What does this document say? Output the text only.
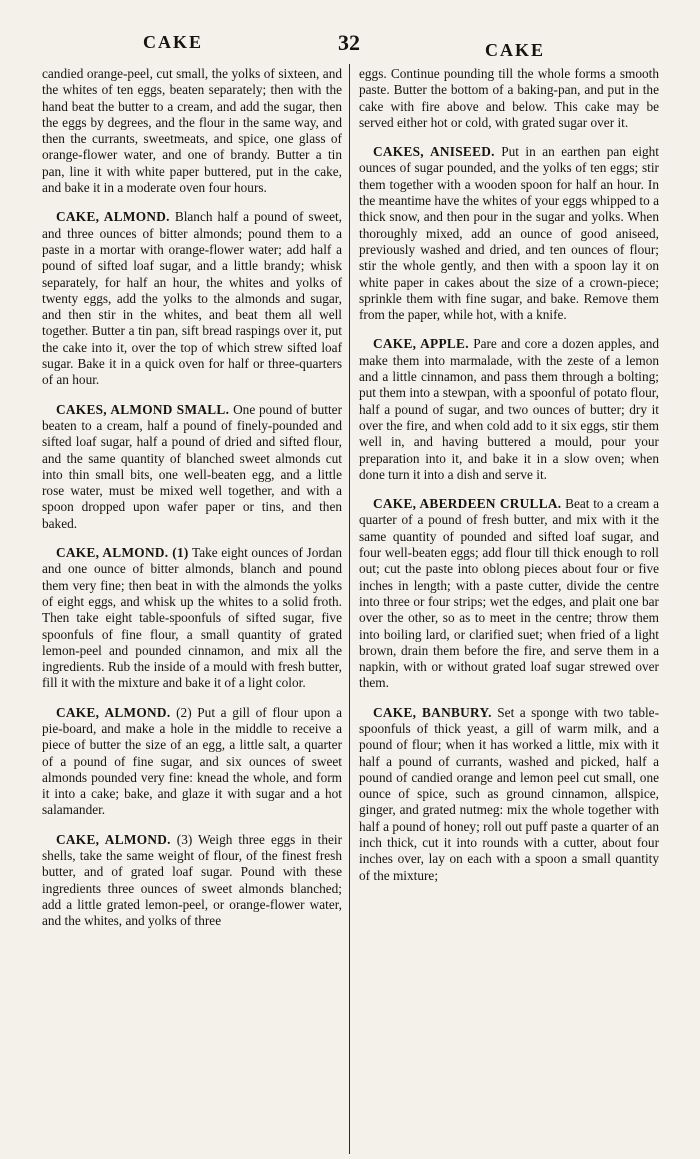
CAKE	32	CAKE

candied orange-peel, cut small, the yolks of sixteen, and the whites of ten eggs, beaten separately; then with the hand beat the butter to a cream, and add the sugar, then the eggs by degrees, and the flour in the same way, and then the currants, sweetmeats, and spice, one glass of orange-flower water, and one of brandy. Butter a tin pan, line it with white paper buttered, put in the cake, and bake it in a moderate oven four hours.

CAKE, ALMOND. Blanch half a pound of sweet, and three ounces of bitter almonds; pound them to a paste in a mortar with orange-flower water; add half a pound of sifted loaf sugar, and a little brandy; whisk separately, for half an hour, the whites and yolks of twenty eggs, add the yolks to the almonds and sugar, and then stir in the whites, and beat them all well together. Butter a tin pan, sift bread raspings over it, put the cake into it, over the top of which strew sifted loaf sugar. Bake it in a quick oven for half or three-quarters of an hour.

CAKES, ALMOND SMALL. One pound of butter beaten to a cream, half a pound of finely-pounded and sifted loaf sugar, half a pound of dried and sifted flour, and the same quantity of blanched sweet almonds cut into thin small bits, one well-beaten egg, and a little rose water, must be mixed well together, and with a spoon dropped upon wafer paper or tins, and then baked.

CAKE, ALMOND. (1) Take eight ounces of Jordan and one ounce of bitter almonds, blanch and pound them very fine; then beat in with the almonds the yolks of eight eggs, and whisk up the whites to a solid froth. Then take eight table-spoonfuls of sifted sugar, five spoonfuls of fine flour, a small quantity of grated lemon-peel and pounded cinnamon, and mix all the ingredients. Rub the inside of a mould with fresh butter, fill it with the mixture and bake it of a light color.

CAKE, ALMOND. (2) Put a gill of flour upon a pie-board, and make a hole in the middle to receive a piece of butter the size of an egg, a little salt, a quarter of a pound of fine sugar, and six ounces of sweet almonds pounded very fine: knead the whole, and form it into a cake; bake, and glaze it with sugar and a hot salamander.

CAKE, ALMOND. (3) Weigh three eggs in their shells, take the same weight of flour, of the finest fresh butter, and of grated loaf sugar. Pound with these ingredients three ounces of sweet almonds blanched; add a little grated lemon-peel, or orange-flower water, and the whites, and yolks of three

eggs. Continue pounding till the whole forms a smooth paste. Butter the bottom of a baking-pan, and put in the cake with fire above and below. This cake may be served either hot or cold, with grated sugar over it.

CAKES, ANISEED. Put in an earthen pan eight ounces of sugar pounded, and the yolks of ten eggs; stir them together with a wooden spoon for half an hour. In the meantime have the whites of your eggs whipped to a thick snow, and then pour in the sugar and yolks. When thoroughly mixed, add an ounce of good aniseed, previously washed and dried, and ten ounces of flour; stir the whole gently, and then with a spoon lay it on white paper in cakes about the size of a crown-piece; sprinkle them with fine sugar, and bake. Remove them from the paper, while hot, with a knife.

CAKE, APPLE. Pare and core a dozen apples, and make them into marmalade, with the zeste of a lemon and a little cinnamon, and pass them through a bolting; put them into a stewpan, with a spoonful of potato flour, half a pound of sugar, and two ounces of butter; dry it over the fire, and when cold add to it six eggs, stir them well in, and having buttered a mould, pour your preparation into it, and bake it in a slow oven; when done turn it into a dish and serve it.

CAKE, ABERDEEN CRULLA. Beat to a cream a quarter of a pound of fresh butter, and mix with it the same quantity of pounded and sifted loaf sugar, and four well-beaten eggs; add flour till thick enough to roll out; cut the paste into oblong pieces about four or five inches in length; with a paste cutter, divide the centre into three or four strips; wet the edges, and plait one bar over the other, so as to meet in the centre; throw them into boiling lard, or clarified suet; when fried of a light brown, drain them before the fire, and serve them in a napkin, with or without grated loaf sugar strewed over them.

CAKE, BANBURY. Set a sponge with two table-spoonfuls of thick yeast, a gill of warm milk, and a pound of flour; when it has worked a little, mix with it half a pound of currants, washed and picked, half a pound of candied orange and lemon peel cut small, one ounce of spice, such as ground cinnamon, allspice, ginger, and grated nutmeg: mix the whole together with half a pound of honey; roll out puff paste a quarter of an inch thick, cut it into rounds with a cutter, about four inches over, lay on each with a spoon a small quantity of the mixture;
